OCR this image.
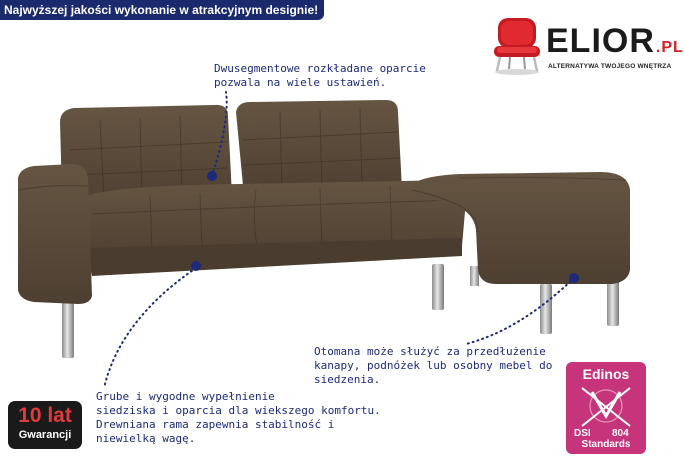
Najwyższej jakości wykonanie w atrakcyjnym designie!
ELIOR.PL
ALTERNATYWA TWOJEGO WNĘTRZA
Dwusegmentowe rozkładane oparcie
pozwala na wiele ustawień.
Otomana może służyć za przedłużenie
kanapy, podnóżek lub osobny mebel do
siedzenia.
Grube i wygodne wypełnienie
siedziska i oparcia dla wiekszego komfortu.
Drewniana rama zapewnia stabilność i
niewielką wagę.
10 lat
Gwarancji
Edinos
DSI 804
Standards
